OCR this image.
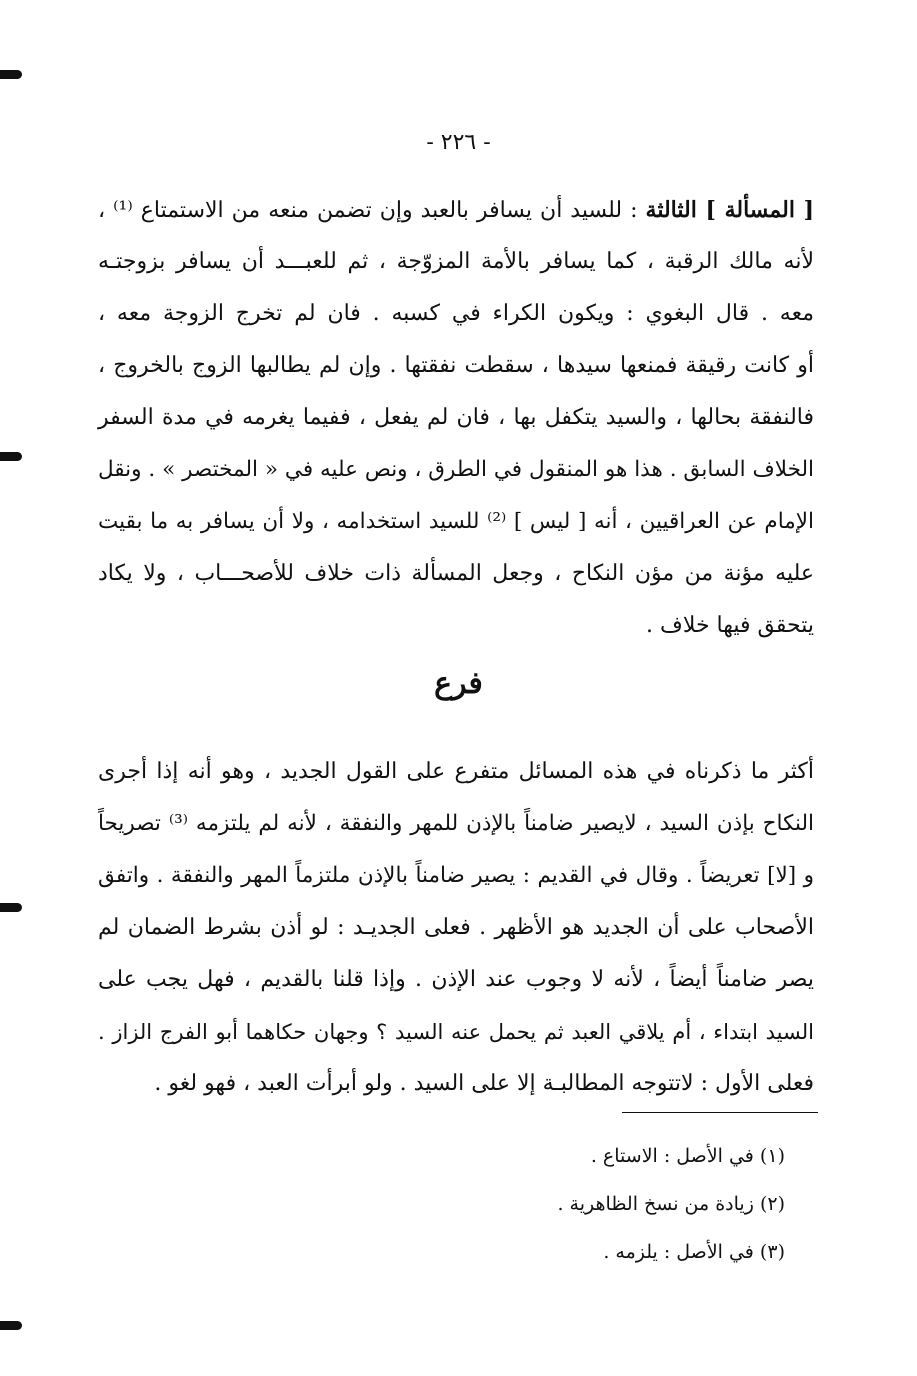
- ٢٢٦ -
[ المسألة ] الثالثة : للسيد أن يسافر بالعبد وإن تضمن منعه من الاستمتاع ⁽¹⁾ ،
لأنه مالك الرقبة ، كما يسافر بالأمة المزوّجة ، ثم للعبـــد أن يسافر بزوجتـه
معه . قال البغوي : ويكون الكراء في كسبه . فان لم تخرج الزوجة معه ،
أو كانت رقيقة فمنعها سيدها ، سقطت نفقتها . وإن لم يطالبها الزوج بالخروج ،
فالنفقة بحالها ، والسيد يتكفل بها ، فان لم يفعل ، ففيما يغرمه في مدة السفر
الخلاف السابق . هذا هو المنقول في الطرق ، ونص عليه في « المختصر » . ونقل
الإمام عن العراقيين ، أنه [ ليس ] ⁽²⁾ للسيد استخدامه ، ولا أن يسافر به ما بقيت
عليه مؤنة من مؤن النكاح ، وجعل المسألة ذات خلاف للأصحـــاب ، ولا يكاد
يتحقق فيها خلاف .
فرع
أكثر ما ذكرناه في هذه المسائل متفرع على القول الجديد ، وهو أنه إذا أجرى
النكاح بإذن السيد ، لايصير ضامناً بالإذن للمهر والنفقة ، لأنه لم يلتزمه ⁽³⁾ تصريحاً
و [لا] تعريضاً . وقال في القديم : يصير ضامناً بالإذن ملتزماً المهر والنفقة . واتفق
الأصحاب على أن الجديد هو الأظهر . فعلى الجديـد : لو أذن بشرط الضمان لم
يصر ضامناً أيضاً ، لأنه لا وجوب عند الإذن . وإذا قلنا بالقديم ، فهل يجب على
السيد ابتداء ، أم يلاقي العبد ثم يحمل عنه السيد ؟ وجهان حكاهما أبو الفرج الزاز .
فعلى الأول : لاتتوجه المطالبـة إلا على السيد . ولو أبرأت العبد ، فهو لغو .
(١) في الأصل : الاستاع .
(٢) زيادة من نسخ الظاهرية .
(٣) في الأصل : يلزمه .
